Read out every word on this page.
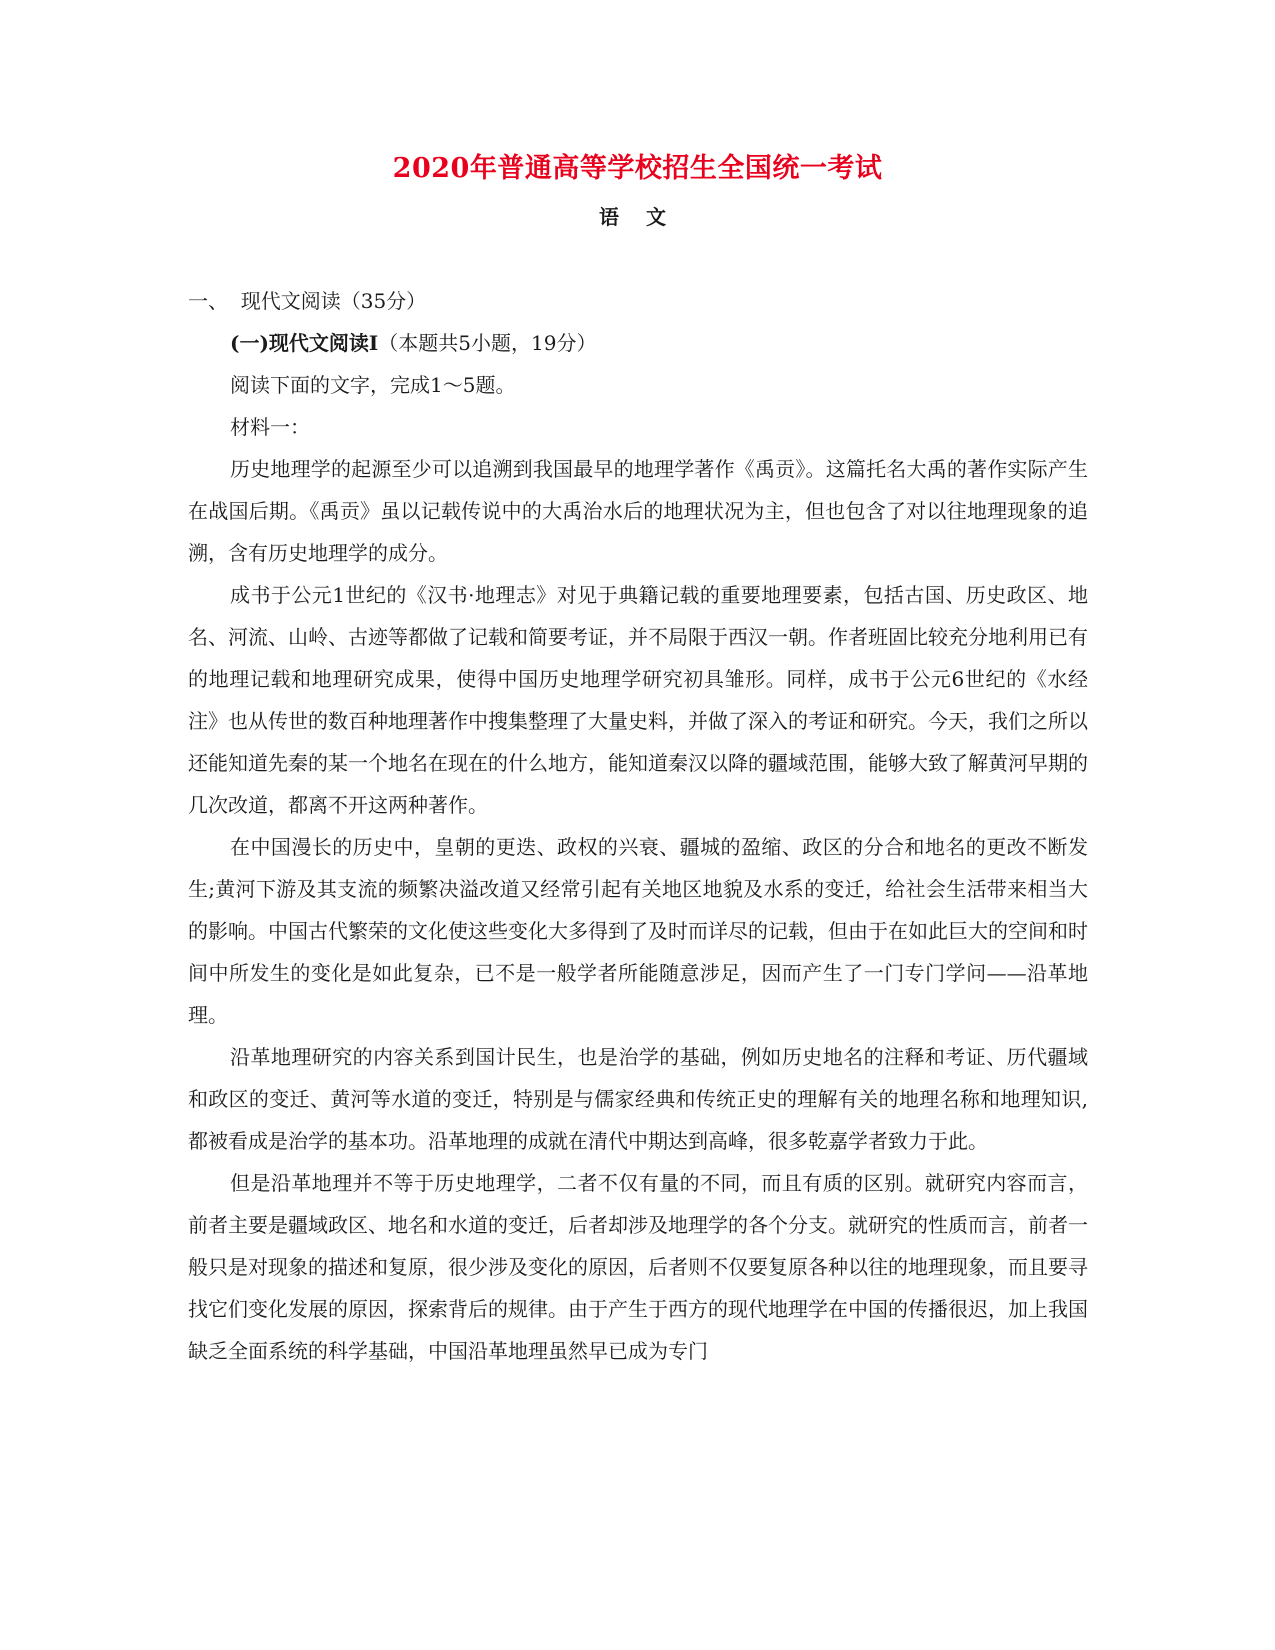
2020年普通高等学校招生全国统一考试
语 文
一、  现代文阅读（35分）
(一)现代文阅读Ⅰ（本题共5小题，19分）
阅读下面的文字，完成1～5题。
材料一：
历史地理学的起源至少可以追溯到我国最早的地理学著作《禹贡》。这篇托名大禹的著作实际产生在战国后期。《禹贡》虽以记载传说中的大禹治水后的地理状况为主，但也包含了对以往地理现象的追溯，含有历史地理学的成分。
成书于公元1世纪的《汉书·地理志》对见于典籍记载的重要地理要素，包括古国、历史政区、地名、河流、山岭、古迹等都做了记载和简要考证，并不局限于西汉一朝。作者班固比较充分地利用已有的地理记载和地理研究成果，使得中国历史地理学研究初具雏形。同样，成书于公元6世纪的《水经注》也从传世的数百种地理著作中搜集整理了大量史料，并做了深入的考证和研究。今天，我们之所以还能知道先秦的某一个地名在现在的什么地方，能知道秦汉以降的疆域范围，能够大致了解黄河早期的几次改道，都离不开这两种著作。
在中国漫长的历史中，皇朝的更迭、政权的兴衰、疆城的盈缩、政区的分合和地名的更改不断发生;黄河下游及其支流的频繁决溢改道又经常引起有关地区地貌及水系的变迁，给社会生活带来相当大的影响。中国古代繁荣的文化使这些变化大多得到了及时而详尽的记载，但由于在如此巨大的空间和时间中所发生的变化是如此复杂，已不是一般学者所能随意涉足，因而产生了一门专门学问——沿革地理。
沿革地理研究的内容关系到国计民生，也是治学的基础，例如历史地名的注释和考证、历代疆域和政区的变迁、黄河等水道的变迁，特别是与儒家经典和传统正史的理解有关的地理名称和地理知识,都被看成是治学的基本功。沿革地理的成就在清代中期达到高峰，很多乾嘉学者致力于此。
但是沿革地理并不等于历史地理学，二者不仅有量的不同，而且有质的区别。就研究内容而言，前者主要是疆域政区、地名和水道的变迁，后者却涉及地理学的各个分支。就研究的性质而言，前者一般只是对现象的描述和复原，很少涉及变化的原因，后者则不仅要复原各种以往的地理现象，而且要寻找它们变化发展的原因，探索背后的规律。由于产生于西方的现代地理学在中国的传播很迟，加上我国缺乏全面系统的科学基础，中国沿革地理虽然早已成为专门
